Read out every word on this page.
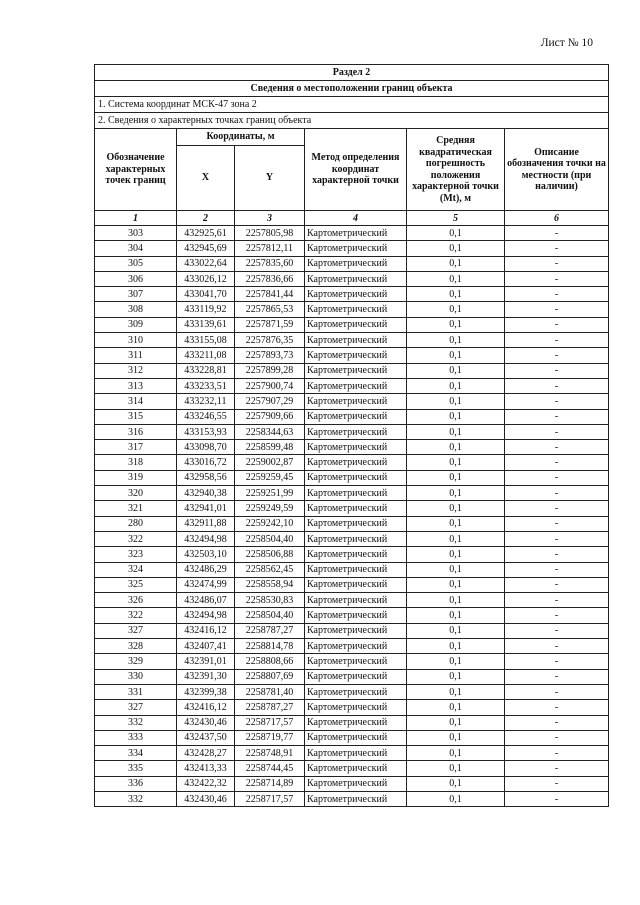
Лист № 10
Раздел 2					
Сведения о местоположении границ объекта					
1. Система координат МСК-47 зона 2					
2. Сведения о характерных точках границ объекта					
Обозначение характерных точек границ	Координаты, м		Метод определения координат характерной точки	Средняя квадратическая погрешность положения характерной точки (Mt), м	Описание обозначения точки на местности (при наличии)
	X	Y			
1	2	3	4	5	6
303	432925,61	2257805,98	Картометрический	0,1	-
304	432945,69	2257812,11	Картометрический	0,1	-
305	433022,64	2257835,60	Картометрический	0,1	-
306	433026,12	2257836,66	Картометрический	0,1	-
307	433041,70	2257841,44	Картометрический	0,1	-
308	433119,92	2257865,53	Картометрический	0,1	-
309	433139,61	2257871,59	Картометрический	0,1	-
310	433155,08	2257876,35	Картометрический	0,1	-
311	433211,08	2257893,73	Картометрический	0,1	-
312	433228,81	2257899,28	Картометрический	0,1	-
313	433233,51	2257900,74	Картометрический	0,1	-
314	433232,11	2257907,29	Картометрический	0,1	-
315	433246,55	2257909,66	Картометрический	0,1	-
316	433153,93	2258344,63	Картометрический	0,1	-
317	433098,70	2258599,48	Картометрический	0,1	-
318	433016,72	2259002,87	Картометрический	0,1	-
319	432958,56	2259259,45	Картометрический	0,1	-
320	432940,38	2259251,99	Картометрический	0,1	-
321	432941,01	2259249,59	Картометрический	0,1	-
280	432911,88	2259242,10	Картометрический	0,1	-
322	432494,98	2258504,40	Картометрический	0,1	-
323	432503,10	2258506,88	Картометрический	0,1	-
324	432486,29	2258562,45	Картометрический	0,1	-
325	432474,99	2258558,94	Картометрический	0,1	-
326	432486,07	2258530,83	Картометрический	0,1	-
322	432494,98	2258504,40	Картометрический	0,1	-
327	432416,12	2258787,27	Картометрический	0,1	-
328	432407,41	2258814,78	Картометрический	0,1	-
329	432391,01	2258808,66	Картометрический	0,1	-
330	432391,30	2258807,69	Картометрический	0,1	-
331	432399,38	2258781,40	Картометрический	0,1	-
327	432416,12	2258787,27	Картометрический	0,1	-
332	432430,46	2258717,57	Картометрический	0,1	-
333	432437,50	2258719,77	Картометрический	0,1	-
334	432428,27	2258748,91	Картометрический	0,1	-
335	432413,33	2258744,45	Картометрический	0,1	-
336	432422,32	2258714,89	Картометрический	0,1	-
332	432430,46	2258717,57	Картометрический	0,1	-
